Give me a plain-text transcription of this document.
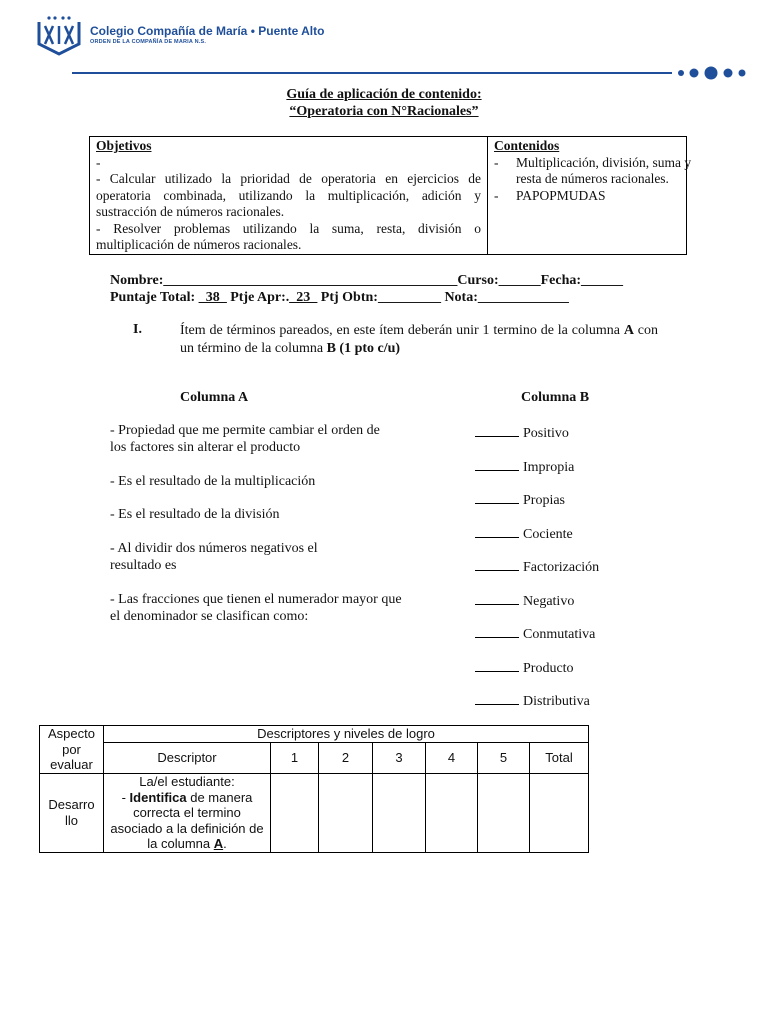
Colegio Compañía de María • Puente Alto
ORDEN DE LA COMPAÑÍA DE MARIA N.S.
Guía de aplicación de contenido:
“Operatoria con N°Racionales”
Objetivos
-
- Calcular utilizado la prioridad de operatoria en ejercicios de operatoria combinada, utilizando la multiplicación, adición y sustracción de números racionales.
- Resolver problemas utilizando la suma, resta, división o multiplicación de números racionales.
Contenidos
-	Multiplicación, división, suma y resta de números racionales.
-	PAPOPMUDAS
Nombre:__________________________________________Curso:______Fecha:______
Puntaje Total: _38_ Ptje Apr:._23_ Ptj Obtn:_________ Nota:_____________
I.	Ítem de términos pareados, en este ítem deberán unir 1 termino de la columna A con un término de la columna B (1 pto c/u)
Columna A	Columna B
- Propiedad que me permite cambiar el orden de los factores sin alterar el producto
- Es el resultado de la multiplicación
- Es el resultado de la división
- Al dividir dos números negativos el resultado es
- Las fracciones que tienen el numerador mayor que el denominador se clasifican como:
Positivo
Impropia
Propias
Cociente
Factorización
Negativo
Conmutativa
Producto
Distributiva
Aspecto por evaluar	Descriptores y niveles de logro						
	Descriptor	1	2	3	4	5	Total
Desarro llo	La/el estudiante:
- Identifica de manera correcta el termino asociado a la definición de la columna A.						
